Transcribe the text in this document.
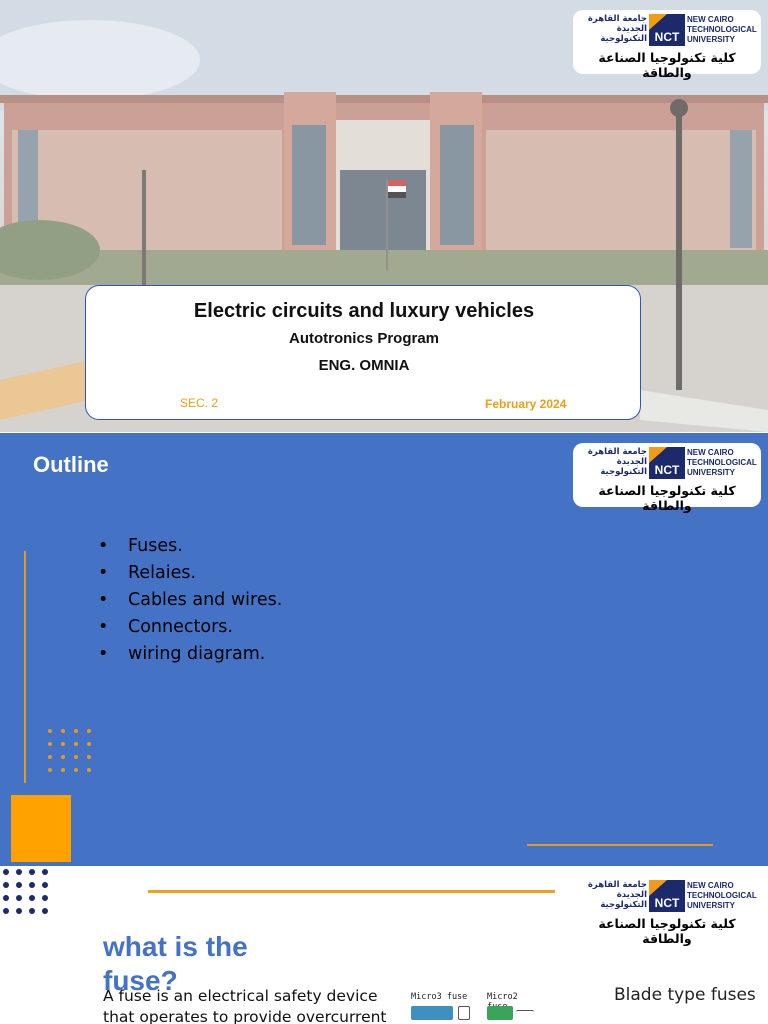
جامعة القاهرة الجديدة التكنولوجية NCT
NEW CAIRO TECHNOLOGICAL UNIVERSITY
كلية تكنولوجيا الصناعة والطاقة
Electric circuits and luxury vehicles
Autotronics Program
ENG. OMNIA
SEC. 2	February 2024
Outline	جامعة القاهرة الجديدة التكنولوجية NCT
NEW CAIRO TECHNOLOGICAL UNIVERSITY
كلية تكنولوجيا الصناعة والطاقة
• Fuses.
• Relaies.
• Cables and wires.
• Connectors.
• wiring diagram.
جامعة القاهرة الجديدة التكنولوجية NCT
NEW CAIRO TECHNOLOGICAL UNIVERSITY
كلية تكنولوجيا الصناعة والطاقة
what is the fuse?
A fuse is an electrical safety device that operates to provide overcurrent
Micro3 fuse Micro2	Blade type fuses
